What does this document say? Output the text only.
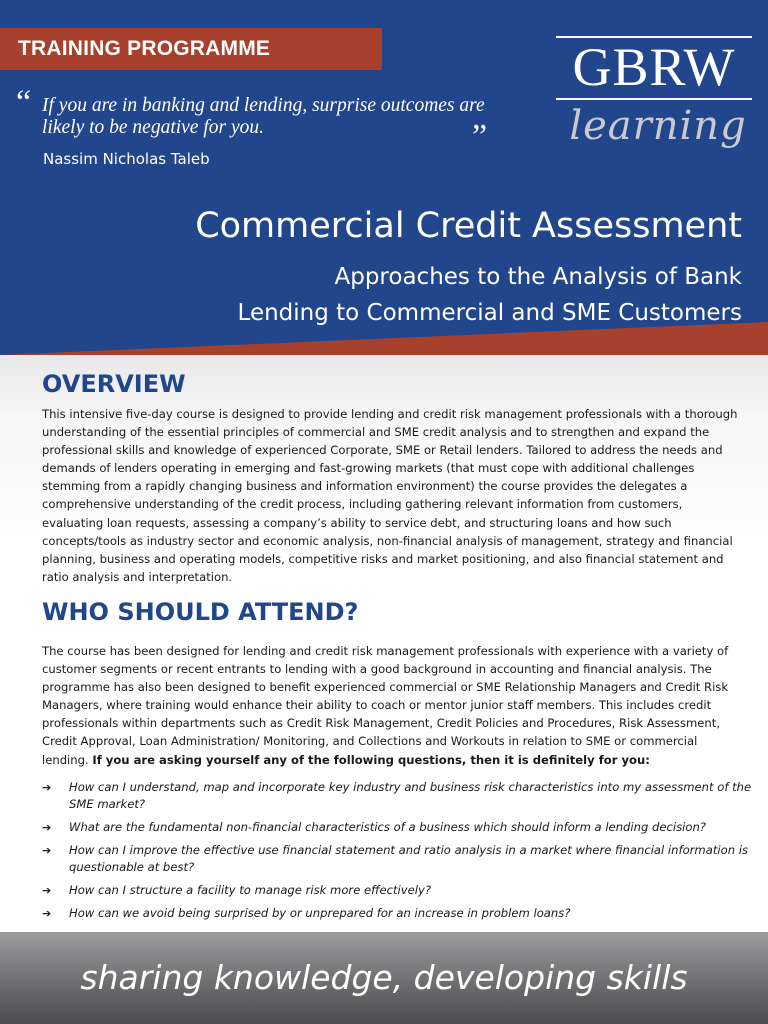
TRAINING PROGRAMME
“ If you are in banking and lending, surprise outcomes are likely to be negative for you.	”
Nassim Nicholas Taleb
GBRW
learning
Commercial Credit Assessment
Approaches to the Analysis of Bank
Lending to Commercial and SME Customers
OVERVIEW

This intensive five-day course is designed to provide lending and credit risk management professionals with a thorough understanding of the essential principles of commercial and SME credit analysis and to strengthen and expand the professional skills and knowledge of experienced Corporate, SME or Retail lenders. Tailored to address the needs and demands of lenders operating in emerging and fast-growing markets (that must cope with additional challenges stemming from a rapidly changing business and information environment) the course provides the delegates a comprehensive understanding of the credit process, including gathering relevant information from customers, evaluating loan requests, assessing a company’s ability to service debt, and structuring loans and how such concepts/tools as industry sector and economic analysis, non-financial analysis of management, strategy and financial planning, business and operating models, competitive risks and market positioning, and also financial statement and ratio analysis and interpretation.

WHO SHOULD ATTEND?

The course has been designed for lending and credit risk management professionals with experience with a variety of customer segments or recent entrants to lending with a good background in accounting and financial analysis. The programme has also been designed to benefit experienced commercial or SME Relationship Managers and Credit Risk Managers, where training would enhance their ability to coach or mentor junior staff members. This includes credit professionals within departments such as Credit Risk Management, Credit Policies and Procedures, Risk Assessment, Credit Approval, Loan Administration/ Monitoring, and Collections and Workouts in relation to SME or commercial lending. If you are asking yourself any of the following questions, then it is definitely for you:

➔ How can I understand, map and incorporate key industry and business risk characteristics into my assessment of the SME market?
➔ What are the fundamental non-financial characteristics of a business which should inform a lending decision?
➔ How can I improve the effective use financial statement and ratio analysis in a market where financial information is questionable at best?
➔ How can I structure a facility to manage risk more effectively?
➔ How can we avoid being surprised by or unprepared for an increase in problem loans?
sharing knowledge, developing skills
